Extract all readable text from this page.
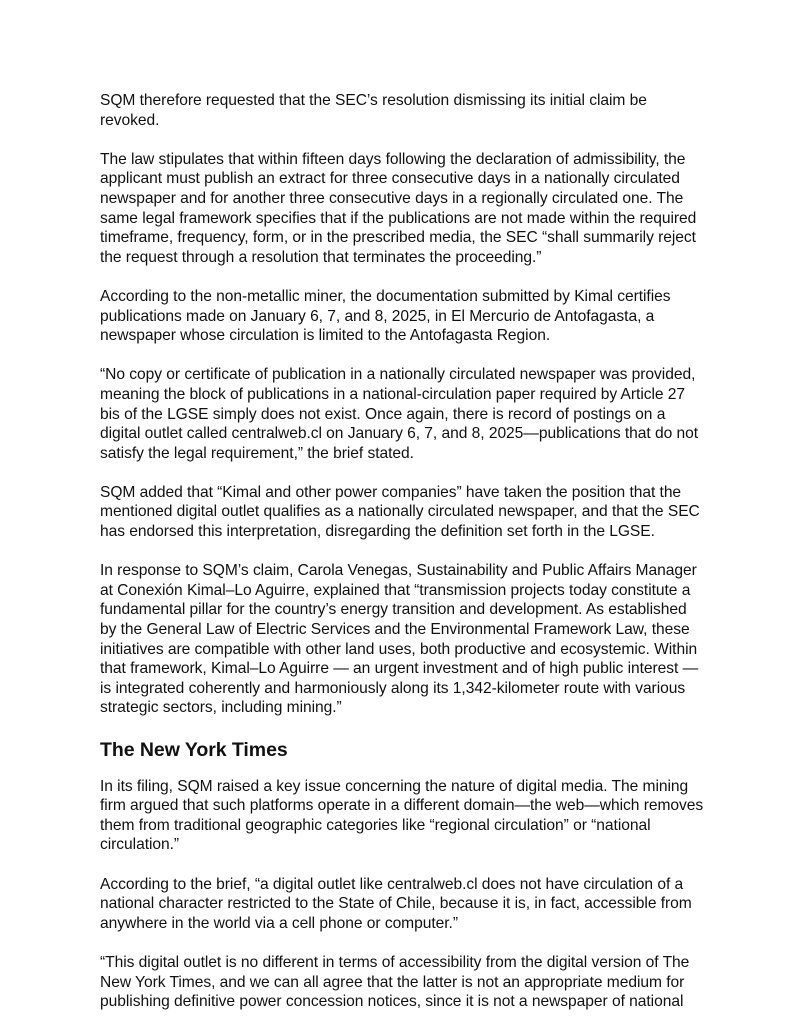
SQM therefore requested that the SEC’s resolution dismissing its initial claim be revoked.

The law stipulates that within fifteen days following the declaration of admissibility, the applicant must publish an extract for three consecutive days in a nationally circulated newspaper and for another three consecutive days in a regionally circulated one. The same legal framework specifies that if the publications are not made within the required timeframe, frequency, form, or in the prescribed media, the SEC “shall summarily reject the request through a resolution that terminates the proceeding.”

According to the non-metallic miner, the documentation submitted by Kimal certifies publications made on January 6, 7, and 8, 2025, in El Mercurio de Antofagasta, a newspaper whose circulation is limited to the Antofagasta Region.

“No copy or certificate of publication in a nationally circulated newspaper was provided, meaning the block of publications in a national-circulation paper required by Article 27 bis of the LGSE simply does not exist. Once again, there is record of postings on a digital outlet called centralweb.cl on January 6, 7, and 8, 2025—publications that do not satisfy the legal requirement,” the brief stated.

SQM added that “Kimal and other power companies” have taken the position that the mentioned digital outlet qualifies as a nationally circulated newspaper, and that the SEC has endorsed this interpretation, disregarding the definition set forth in the LGSE.

In response to SQM’s claim, Carola Venegas, Sustainability and Public Affairs Manager at Conexión Kimal–Lo Aguirre, explained that “transmission projects today constitute a fundamental pillar for the country’s energy transition and development. As established by the General Law of Electric Services and the Environmental Framework Law, these initiatives are compatible with other land uses, both productive and ecosystemic. Within that framework, Kimal–Lo Aguirre — an urgent investment and of high public interest — is integrated coherently and harmoniously along its 1,342-kilometer route with various strategic sectors, including mining.”

The New York Times

In its filing, SQM raised a key issue concerning the nature of digital media. The mining firm argued that such platforms operate in a different domain—the web—which removes them from traditional geographic categories like “regional circulation” or “national circulation.”

According to the brief, “a digital outlet like centralweb.cl does not have circulation of a national character restricted to the State of Chile, because it is, in fact, accessible from anywhere in the world via a cell phone or computer.”

“This digital outlet is no different in terms of accessibility from the digital version of The New York Times, and we can all agree that the latter is not an appropriate medium for publishing definitive power concession notices, since it is not a newspaper of national
